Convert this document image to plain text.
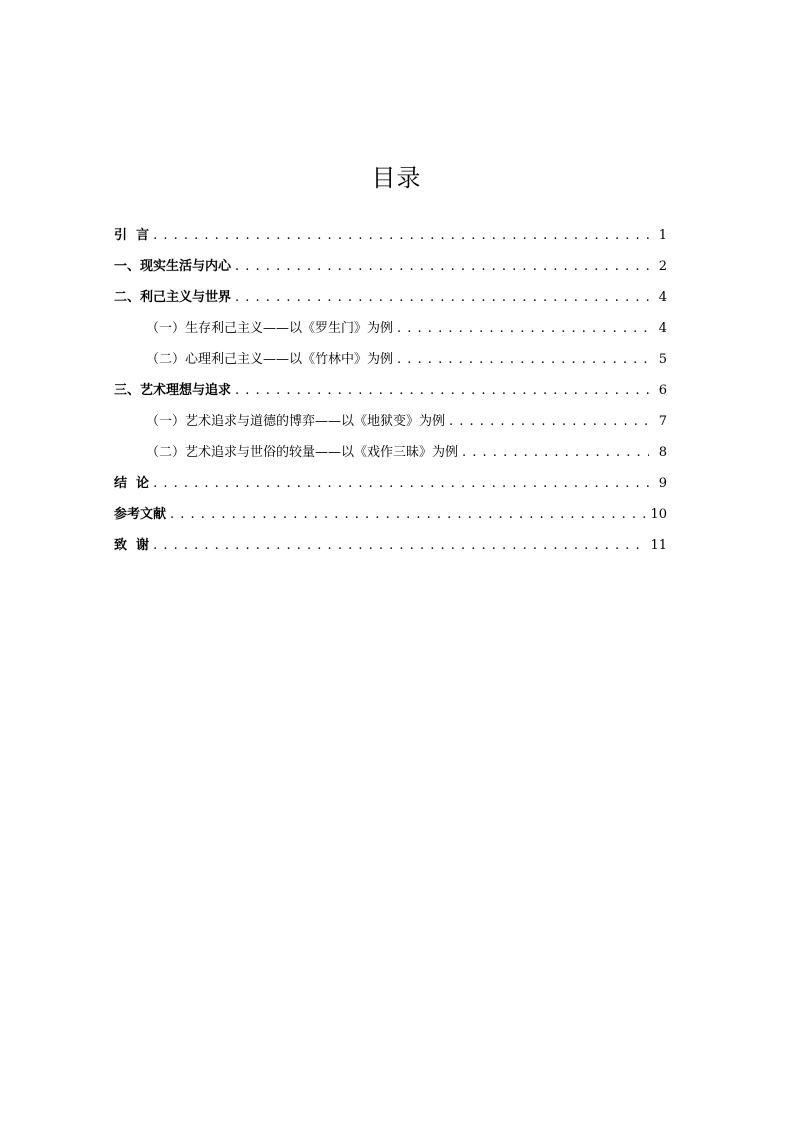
目录
引  言 . . .	1
一、现实生活与内心 . . .	2
二、利己主义与世界 . . .	4
（一）生存利己主义——以《罗生门》为例 . . .	4
（二）心理利己主义——以《竹林中》为例 . . .	5
三、艺术理想与追求 . . .	6
（一）艺术追求与道德的博弈——以《地狱变》为例 . . .	7
（二）艺术追求与世俗的较量——以《戏作三昧》为例 . . .	8
结  论 . . .	9
参考文献 . . .	10
致  谢 . . .	11
